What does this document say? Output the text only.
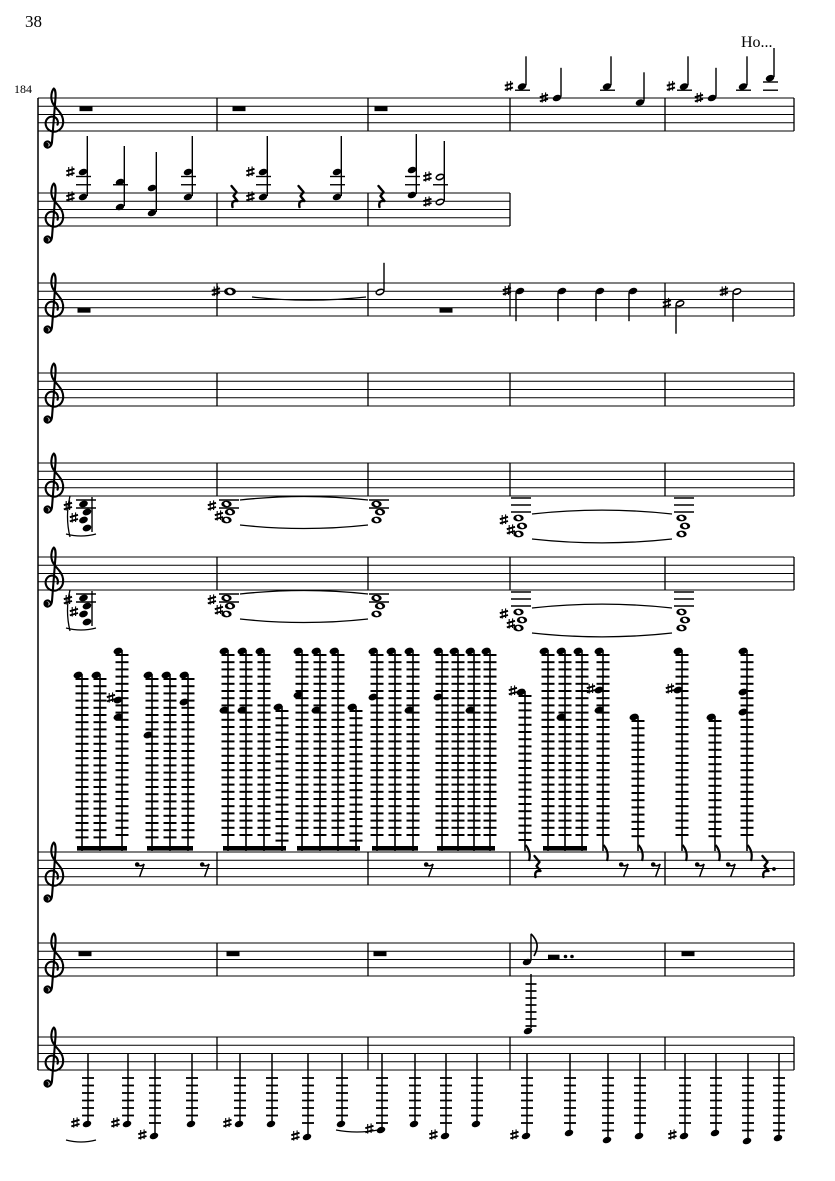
38
184
Ho...
